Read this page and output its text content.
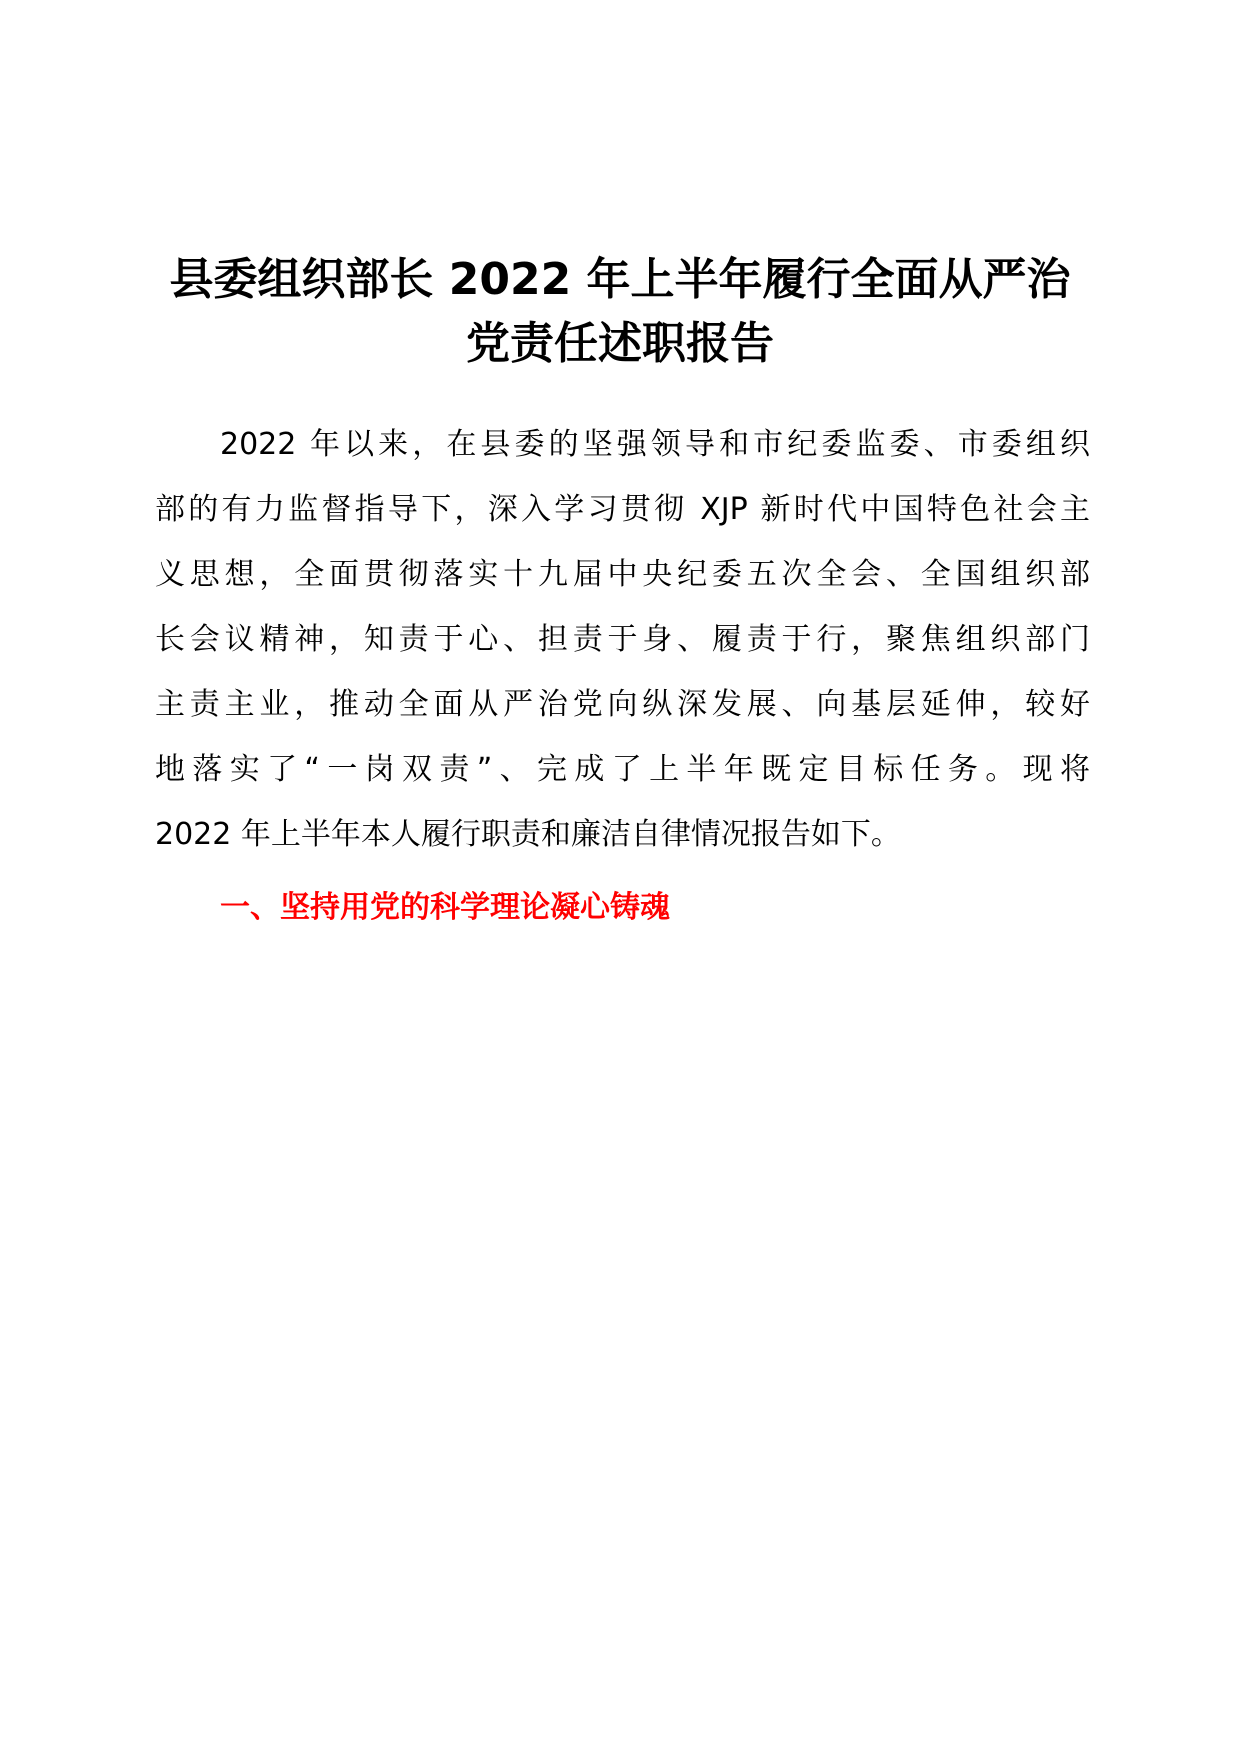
县委组织部长 2022 年上半年履行全面从严治
党责任述职报告

2022 年以来，在县委的坚强领导和市纪委监委、市委组织
部的有力监督指导下，深入学习贯彻 XJP 新时代中国特色社会主
义思想，全面贯彻落实十九届中央纪委五次全会、全国组织部
长会议精神，知责于心、担责于身、履责于行，聚焦组织部门
主责主业，推动全面从严治党向纵深发展、向基层延伸，较好
地落实了“一岗双责”、完成了上半年既定目标任务。现将
2022 年上半年本人履行职责和廉洁自律情况报告如下。

一、坚持用党的科学理论凝心铸魂
